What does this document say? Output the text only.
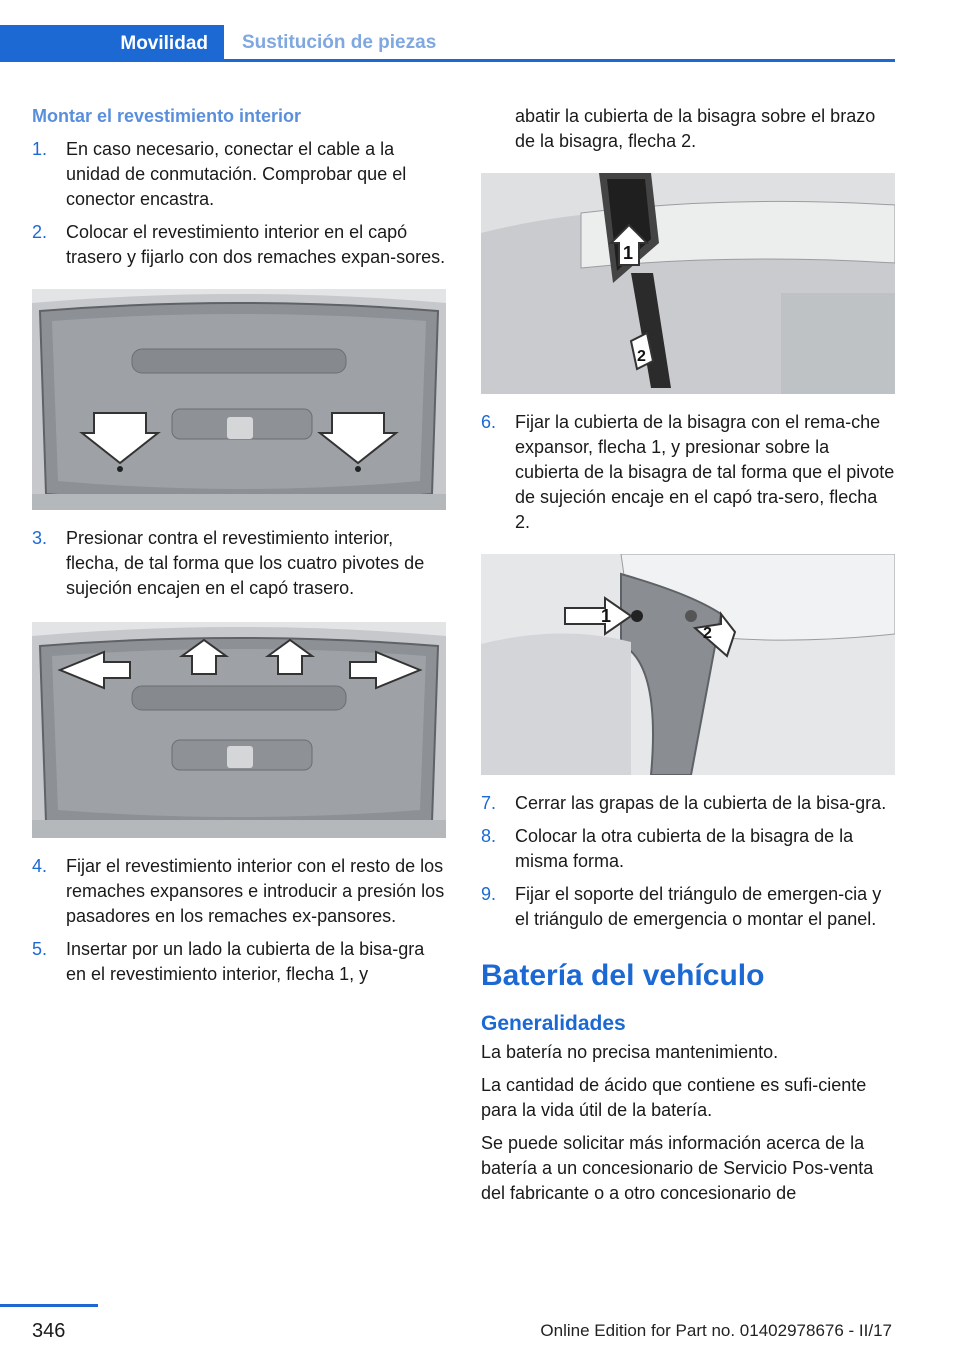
Movilidad Sustitución de piezas
Montar el revestimiento interior
1.	En caso necesario, conectar el cable a la unidad de conmutación. Comprobar que el conector encastra.
2.	Colocar el revestimiento interior en el capó trasero y fijarlo con dos remaches expan‑sores.
3.	Presionar contra el revestimiento interior, flecha, de tal forma que los cuatro pivotes de sujeción encajen en el capó trasero.
4.	Fijar el revestimiento interior con el resto de los remaches expansores e introducir a presión los pasadores en los remaches ex‑pansores.
5.	Insertar por un lado la cubierta de la bisa‑gra en el revestimiento interior, flecha 1, y
abatir la cubierta de la bisagra sobre el brazo de la bisagra, flecha 2.
1
2
6.	Fijar la cubierta de la bisagra con el rema‑che expansor, flecha 1, y presionar sobre la cubierta de la bisagra de tal forma que el pivote de sujeción encaje en el capó tra‑sero, flecha 2.
1
2
7.	Cerrar las grapas de la cubierta de la bisa‑gra.
8.	Colocar la otra cubierta de la bisagra de la misma forma.
9.	Fijar el soporte del triángulo de emergen‑cia y el triángulo de emergencia o montar el panel.
Batería del vehículo
Generalidades
La batería no precisa mantenimiento.
La cantidad de ácido que contiene es sufi‑ciente para la vida útil de la batería.
Se puede solicitar más información acerca de la batería a un concesionario de Servicio Pos‑venta del fabricante o a otro concesionario de
346	Online Edition for Part no. 01402978676 - II/17
